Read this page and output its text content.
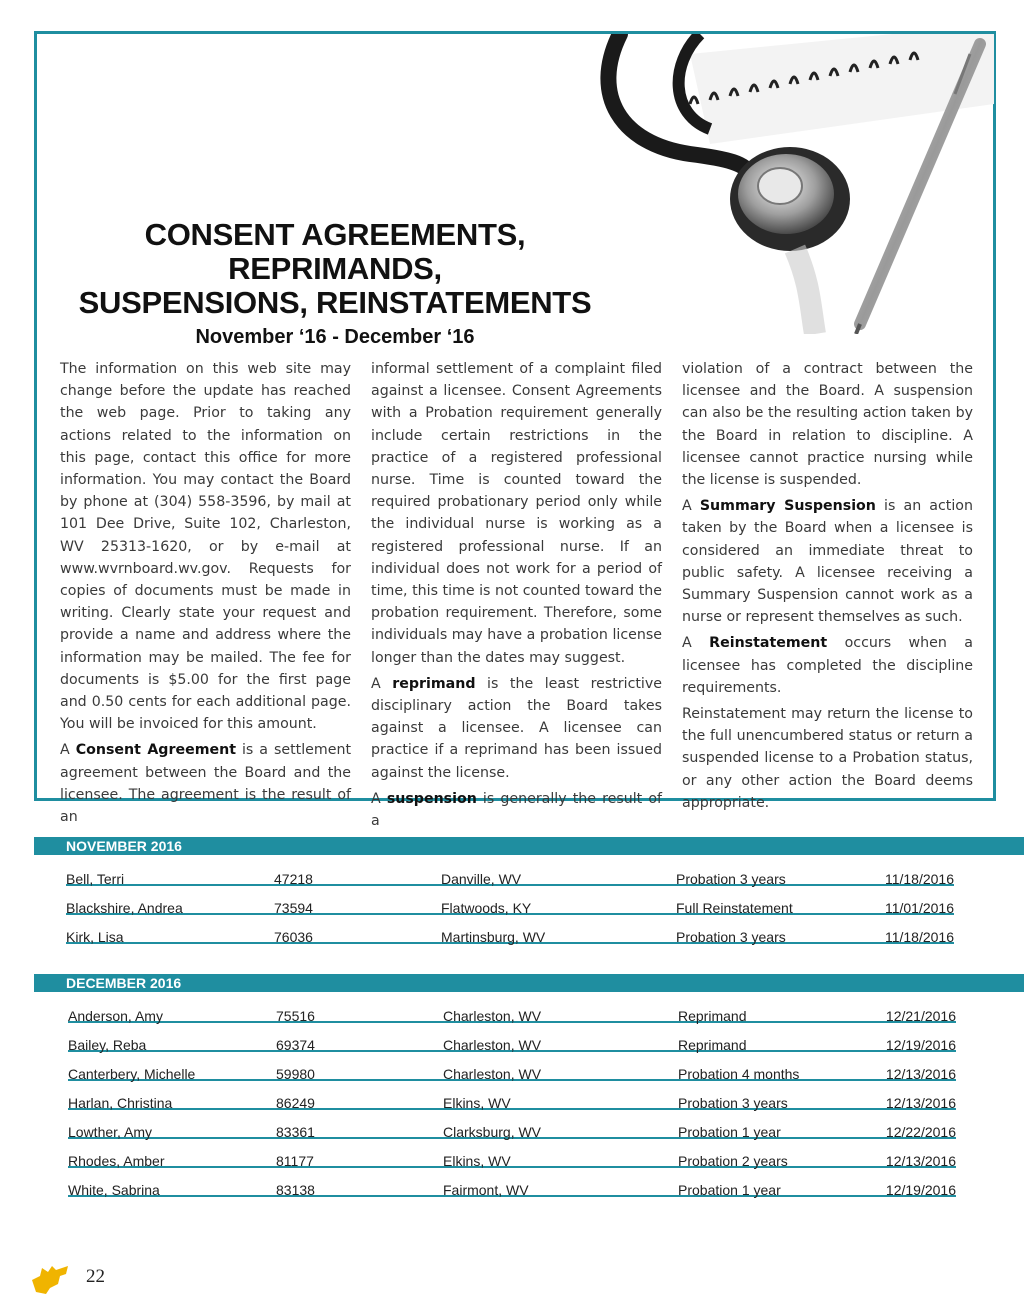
CONSENT AGREEMENTS, REPRIMANDS,
SUSPENSIONS, REINSTATEMENTS
November ‘16 - December ‘16

The information on this web site may change before the update has reached the web page. Prior to taking any actions related to the information on this page, contact this office for more information. You may contact the Board by phone at (304) 558-3596, by mail at 101 Dee Drive, Suite 102, Charleston, WV 25313-1620, or by e-mail at www.wvrnboard.wv.gov. Requests for copies of documents must be made in writing. Clearly state your request and provide a name and address where the information may be mailed. The fee for documents is $5.00 for the first page and 0.50 cents for each additional page. You will be invoiced for this amount.

A Consent Agreement is a settlement agreement between the Board and the licensee. The agreement is the result of an

informal settlement of a complaint filed against a licensee. Consent Agreements with a Probation requirement generally include certain restrictions in the practice of a registered professional nurse. Time is counted toward the required probationary period only while the individual nurse is working as a registered professional nurse. If an individual does not work for a period of time, this time is not counted toward the probation requirement. Therefore, some individuals may have a probation license longer than the dates may suggest.

A reprimand is the least restrictive disciplinary action the Board takes against a licensee. A licensee can practice if a reprimand has been issued against the license.

A suspension is generally the result of a

violation of a contract between the licensee and the Board. A suspension can also be the resulting action taken by the Board in relation to discipline. A licensee cannot practice nursing while the license is suspended.

A Summary Suspension is an action taken by the Board when a licensee is considered an immediate threat to public safety. A licensee receiving a Summary Suspension cannot work as a nurse or represent themselves as such.

A Reinstatement occurs when a licensee has completed the discipline requirements.

Reinstatement may return the license to the full unencumbered status or return a suspended license to a Probation status, or any other action the Board deems appropriate.

NOVEMBER 2016
Bell, Terri	47218	Danville, WV	Probation 3 years	11/18/2016
Blackshire, Andrea	73594	Flatwoods, KY	Full Reinstatement	11/01/2016
Kirk, Lisa	76036	Martinsburg, WV	Probation 3 years	11/18/2016
DECEMBER 2016
Anderson, Amy	75516	Charleston, WV	Reprimand	12/21/2016
Bailey, Reba	69374	Charleston, WV	Reprimand	12/19/2016
Canterbery, Michelle	59980	Charleston, WV	Probation 4 months	12/13/2016
Harlan, Christina	86249	Elkins, WV	Probation 3 years	12/13/2016
Lowther, Amy	83361	Clarksburg, WV	Probation 1 year	12/22/2016
Rhodes, Amber	81177	Elkins, WV	Probation 2 years	12/13/2016
White, Sabrina	83138	Fairmont, WV	Probation 1 year	12/19/2016
22
